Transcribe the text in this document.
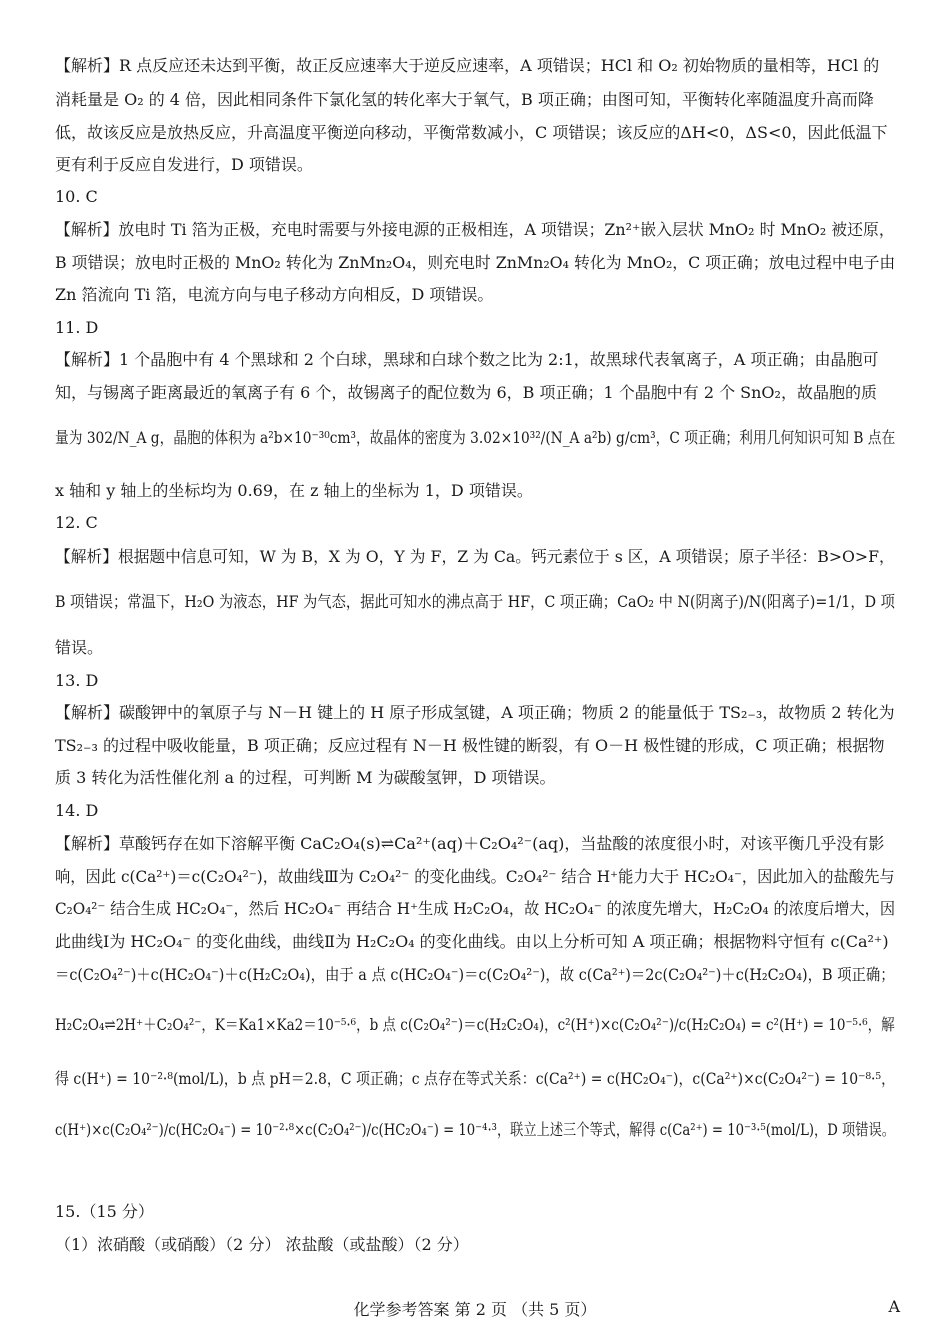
【解析】R 点反应还未达到平衡，故正反应速率大于逆反应速率，A 项错误；HCl 和 O₂ 初始物质的量相等，HCl 的
消耗量是 O₂ 的 4 倍，因此相同条件下氯化氢的转化率大于氧气，B 项正确；由图可知，平衡转化率随温度升高而降
低，故该反应是放热反应，升高温度平衡逆向移动，平衡常数减小，C 项错误；该反应的ΔH<0，ΔS<0，因此低温下
更有利于反应自发进行，D 项错误。
10. C
【解析】放电时 Ti 箔为正极，充电时需要与外接电源的正极相连，A 项错误；Zn²⁺嵌入层状 MnO₂ 时 MnO₂ 被还原，
B 项错误；放电时正极的 MnO₂ 转化为 ZnMn₂O₄，则充电时 ZnMn₂O₄ 转化为 MnO₂，C 项正确；放电过程中电子由
Zn 箔流向 Ti 箔，电流方向与电子移动方向相反，D 项错误。
11. D
【解析】1 个晶胞中有 4 个黑球和 2 个白球，黑球和白球个数之比为 2:1，故黑球代表氧离子，A 项正确；由晶胞可
知，与锡离子距离最近的氧离子有 6 个，故锡离子的配位数为 6，B 项正确；1 个晶胞中有 2 个 SnO₂，故晶胞的质
量为 302/N_A g，晶胞的体积为 a²b×10⁻³⁰cm³，故晶体的密度为 3.02×10³²/(N_A a²b) g/cm³，C 项正确；利用几何知识可知 B 点在
x 轴和 y 轴上的坐标均为 0.69，在 z 轴上的坐标为 1，D 项错误。
12. C
【解析】根据题中信息可知，W 为 B，X 为 O，Y 为 F，Z 为 Ca。钙元素位于 s 区，A 项错误；原子半径：B>O>F，
B 项错误；常温下，H₂O 为液态，HF 为气态，据此可知水的沸点高于 HF，C 项正确；CaO₂ 中 N(阴离子)/N(阳离子)=1/1，D 项
错误。
13. D
【解析】碳酸钾中的氧原子与 N－H 键上的 H 原子形成氢键，A 项正确；物质 2 的能量低于 TS₂₋₃，故物质 2 转化为
TS₂₋₃ 的过程中吸收能量，B 项正确；反应过程有 N－H 极性键的断裂，有 O－H 极性键的形成，C 项正确；根据物
质 3 转化为活性催化剂 a 的过程，可判断 M 为碳酸氢钾，D 项错误。
14. D
【解析】草酸钙存在如下溶解平衡 CaC₂O₄(s)⇌Ca²⁺(aq)＋C₂O₄²⁻(aq)，当盐酸的浓度很小时，对该平衡几乎没有影
响，因此 c(Ca²⁺)＝c(C₂O₄²⁻)，故曲线Ⅲ为 C₂O₄²⁻ 的变化曲线。C₂O₄²⁻ 结合 H⁺能力大于 HC₂O₄⁻，因此加入的盐酸先与
C₂O₄²⁻ 结合生成 HC₂O₄⁻，然后 HC₂O₄⁻ 再结合 H⁺生成 H₂C₂O₄，故 HC₂O₄⁻ 的浓度先增大，H₂C₂O₄ 的浓度后增大，因
此曲线Ⅰ为 HC₂O₄⁻ 的变化曲线，曲线Ⅱ为 H₂C₂O₄ 的变化曲线。由以上分析可知 A 项正确；根据物料守恒有 c(Ca²⁺)
＝c(C₂O₄²⁻)＋c(HC₂O₄⁻)＋c(H₂C₂O₄)，由于 a 点 c(HC₂O₄⁻)＝c(C₂O₄²⁻)，故 c(Ca²⁺)＝2c(C₂O₄²⁻)＋c(H₂C₂O₄)，B 项正确；
H₂C₂O₄⇌2H⁺＋C₂O₄²⁻，K＝Ka1×Ka2＝10⁻⁵·⁶，b 点 c(C₂O₄²⁻)＝c(H₂C₂O₄)，c²(H⁺)×c(C₂O₄²⁻)/c(H₂C₂O₄) = c²(H⁺) = 10⁻⁵·⁶，解
得 c(H⁺) = 10⁻²·⁸(mol/L)，b 点 pH＝2.8，C 项正确；c 点存在等式关系：c(Ca²⁺) = c(HC₂O₄⁻)，c(Ca²⁺)×c(C₂O₄²⁻) = 10⁻⁸·⁵，
c(H⁺)×c(C₂O₄²⁻)/c(HC₂O₄⁻) = 10⁻²·⁸×c(C₂O₄²⁻)/c(HC₂O₄⁻) = 10⁻⁴·³，联立上述三个等式，解得 c(Ca²⁺) = 10⁻³·⁵(mol/L)，D 项错误。
15.（15 分）
（1）浓硝酸（或硝酸）（2 分） 浓盐酸（或盐酸）（2 分）
化学参考答案 第 2 页 （共 5 页）	A
